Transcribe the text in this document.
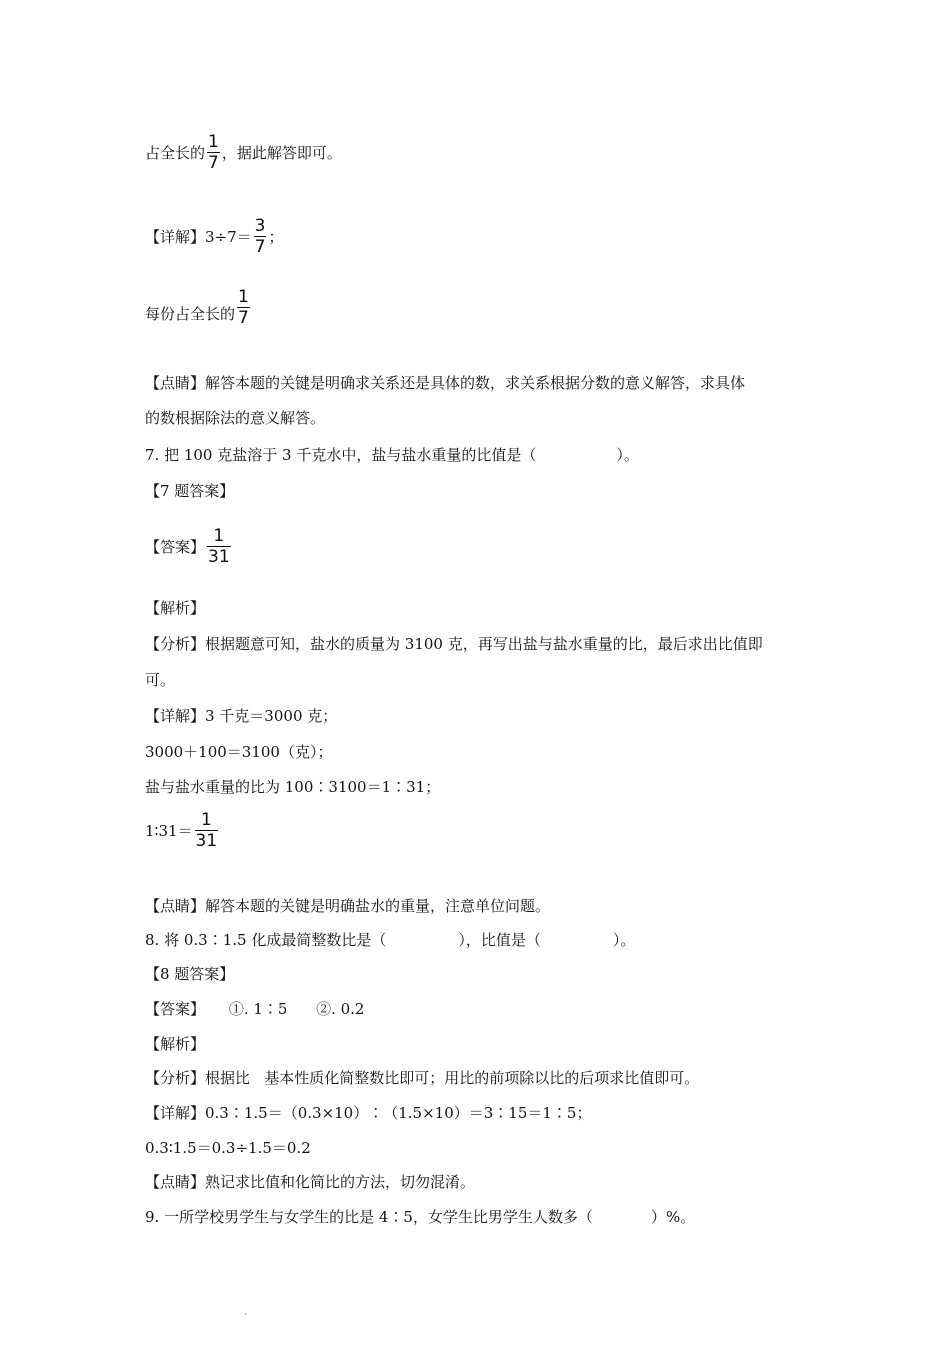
占全长的 $\frac{1}{7}$ ，据此解答即可。
【详解】$3\div 7= \frac{3}{7}$ ；
每份占全长的 $\frac{1}{7}$
【点睛】解答本题的关键是明确求关系还是具体的数，求关系根据分数的意义解答，求具体
的数根据除法的意义解答。
7. 把 100 克盐溶于 3 千克水中，盐与盐水重量的比值是（	）。
【7 题答案】
【答案】 $\frac{1}{31}$
【解析】
【分析】根据题意可知，盐水的质量为 3100 克，再写出盐与盐水重量的比，最后求出比值即
可。
【详解】3 千克＝3000 克；
3000＋100＝3100（克）；
盐与盐水重量的比为 100∶3100＝1∶31；
1∶31＝ $\frac{1}{31}$
【点睛】解答本题的关键是明确盐水的重量，注意单位问题。
8. 将 0.3∶1.5 化成最简整数比是（	），比值是（	）。
【8 题答案】
【答案】     ①. 1∶5      ②. 0.2
【解析】
【分析】根据比   基本性质化简整数比即可；用比的前项除以比的后项求比值即可。
【详解】0.3∶1.5＝（0.3×10）∶（1.5×10）＝3∶15＝1∶5；
0.3∶1.5＝0.3÷1.5＝0.2
【点睛】熟记求比值和化简比的方法，切勿混淆。
9. 一所学校男学生与女学生的比是 4∶5，女学生比男学生人数多（	）%。
、
